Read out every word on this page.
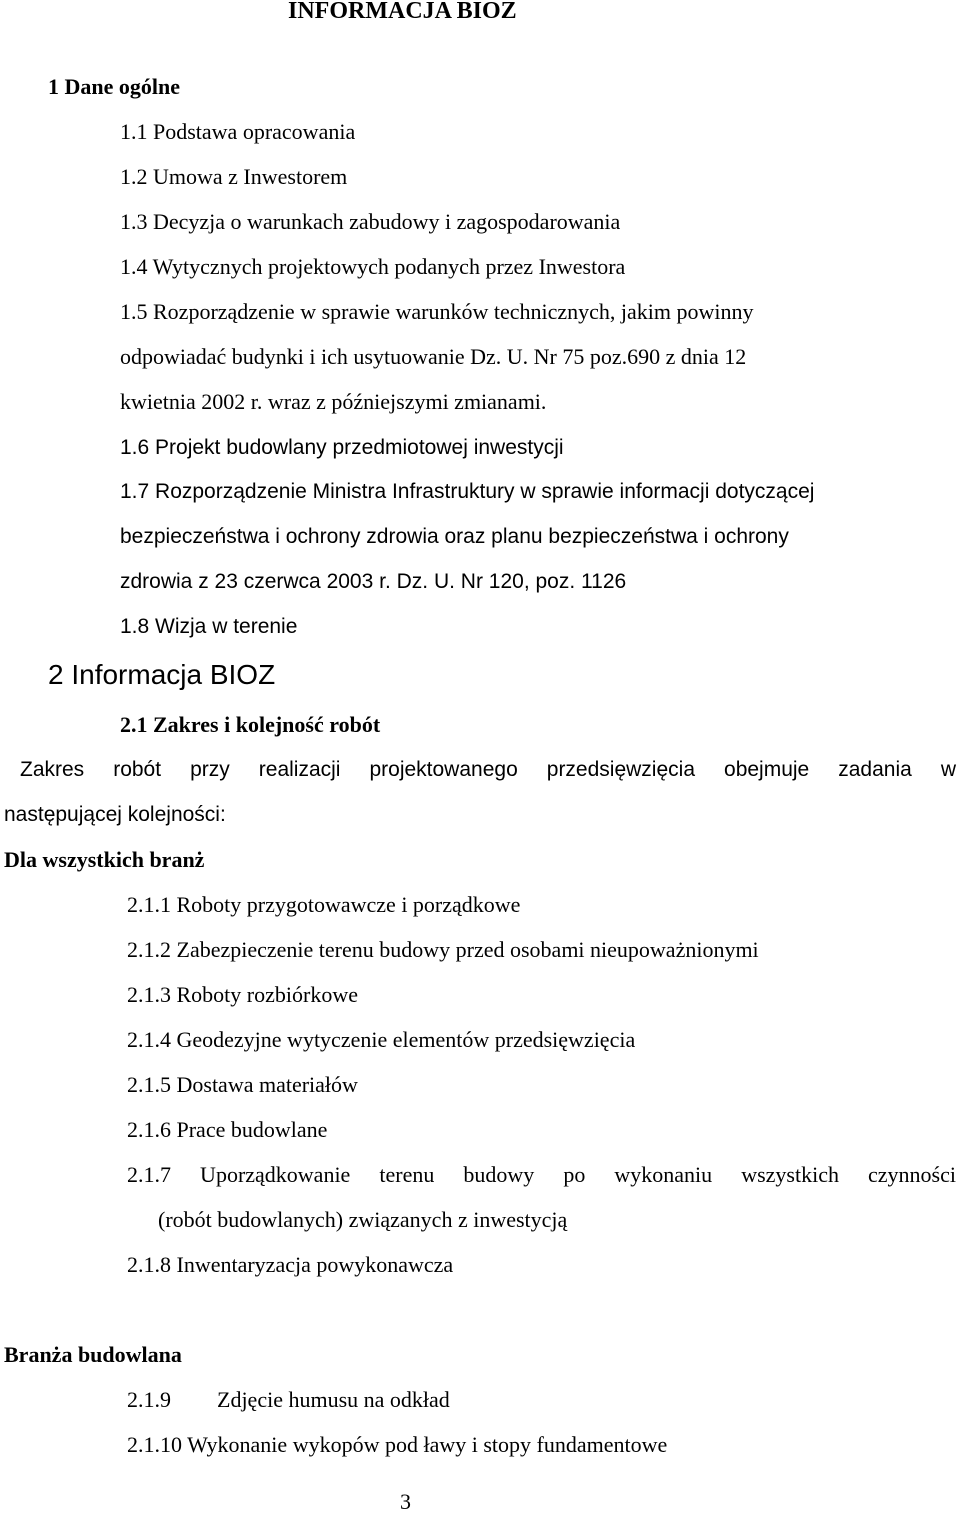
INFORMACJA BIOZ
1 Dane ogólne
1.1 Podstawa opracowania
1.2 Umowa z Inwestorem
1.3 Decyzja o warunkach zabudowy i zagospodarowania
1.4 Wytycznych projektowych podanych przez Inwestora
1.5 Rozporządzenie w sprawie warunków technicznych, jakim powinny
odpowiadać budynki i ich usytuowanie Dz. U. Nr 75 poz.690 z dnia 12
kwietnia 2002 r. wraz z późniejszymi zmianami.
1.6 Projekt budowlany przedmiotowej inwestycji
1.7 Rozporządzenie Ministra Infrastruktury w sprawie informacji dotyczącej
bezpieczeństwa i ochrony zdrowia oraz planu bezpieczeństwa i ochrony
zdrowia z 23 czerwca 2003 r. Dz. U. Nr 120, poz. 1126
1.8 Wizja w terenie
2 Informacja BIOZ
2.1 Zakres i kolejność robót
Zakres robót przy realizacji projektowanego przedsięwzięcia obejmuje zadania w
następującej kolejności:
Dla wszystkich branż
2.1.1 Roboty przygotowawcze i porządkowe
2.1.2 Zabezpieczenie terenu budowy przed osobami nieupoważnionymi
2.1.3 Roboty rozbiórkowe
2.1.4 Geodezyjne wytyczenie elementów przedsięwzięcia
2.1.5 Dostawa materiałów
2.1.6 Prace budowlane
2.1.7 Uporządkowanie terenu budowy po wykonaniu wszystkich czynności
(robót budowlanych) związanych z inwestycją
2.1.8 Inwentaryzacja powykonawcza
Branża budowlana
2.1.9 Zdjęcie humusu na odkład
2.1.10 Wykonanie wykopów pod ławy i stopy fundamentowe
3
